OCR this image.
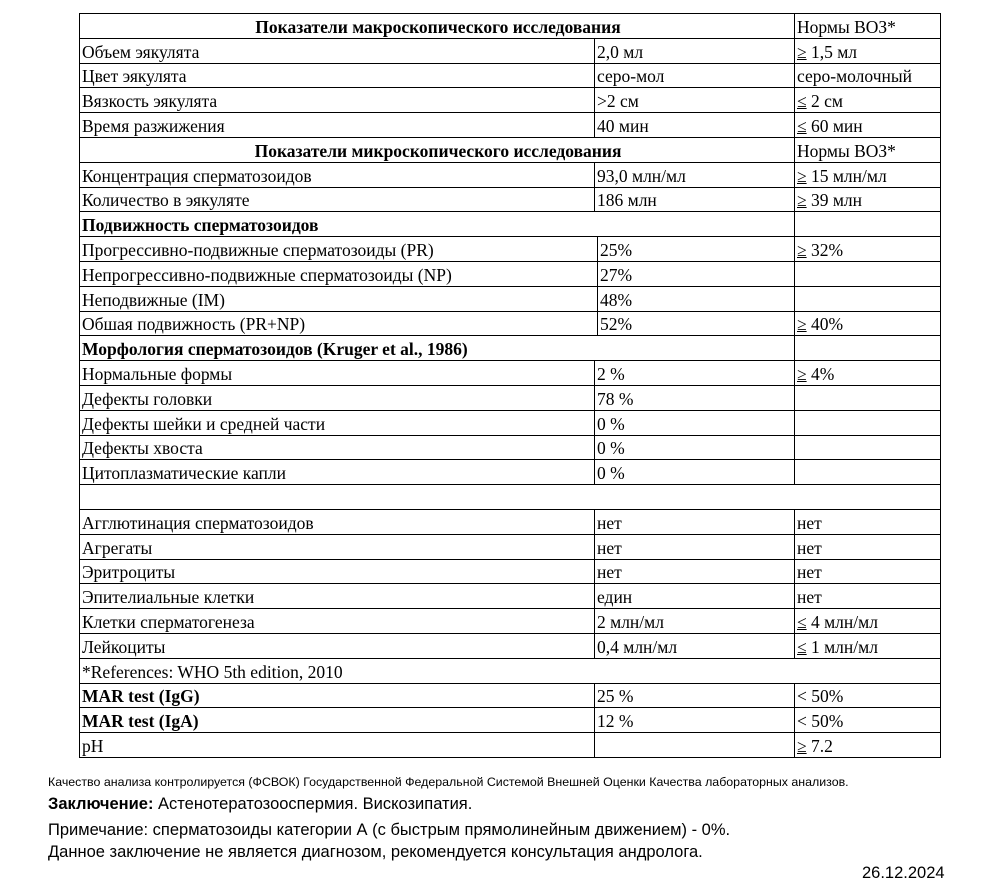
Показатели макроскопического исследования			Нормы ВОЗ*
Объем эякулята	2,0 мл		≥ 1,5 мл
Цвет эякулята	серо-мол		серо-молочный
Вязкость эякулята	>2 см		≤ 2 см
Время разжижения	40 мин		≤ 60 мин
Показатели микроскопического исследования			Нормы ВОЗ*
Концентрация сперматозоидов	93,0 млн/мл		≥ 15 млн/мл
Количество в эякуляте	186 млн		≥ 39 млн
Подвижность сперматозоидов			
Прогрессивно-подвижные сперматозоиды (PR)		25%	≥ 32%
Непрогрессивно-подвижные сперматозоиды (NP)		27%	
Неподвижные (IM)		48%	
Обшая подвижность (PR+NP)		52%	≥ 40%
Морфология сперматозоидов (Kruger et al., 1986)			
Нормальные формы	2 %		≥ 4%
Дефекты головки	78 %		
Дефекты шейки и средней части	0 %		
Дефекты хвоста	0 %		
Цитоплазматические капли	0 %		

Агглютинация сперматозоидов	нет		нет
Агрегаты	нет		нет
Эритроциты	нет		нет
Эпителиальные клетки	един		нет
Клетки сперматогенеза	2 млн/мл		≤ 4 млн/мл
Лейкоциты	0,4 млн/мл		≤ 1 млн/мл
*References: WHO 5th edition, 2010			
MAR test (IgG)	25 %		< 50%
MAR test (IgA)	12 %		< 50%
pH			≥ 7.2
Качество анализа контролируется (ФСВОК) Государственной Федеральной Системой Внешней Оценки Качества лабораторных анализов.
Заключение: Астенотератозооспермия. Вискозипатия.
Примечание: сперматозоиды категории А (с быстрым прямолинейным движением) - 0%.
Данное заключение не является диагнозом, рекомендуется консультация андролога.
26.12.2024
